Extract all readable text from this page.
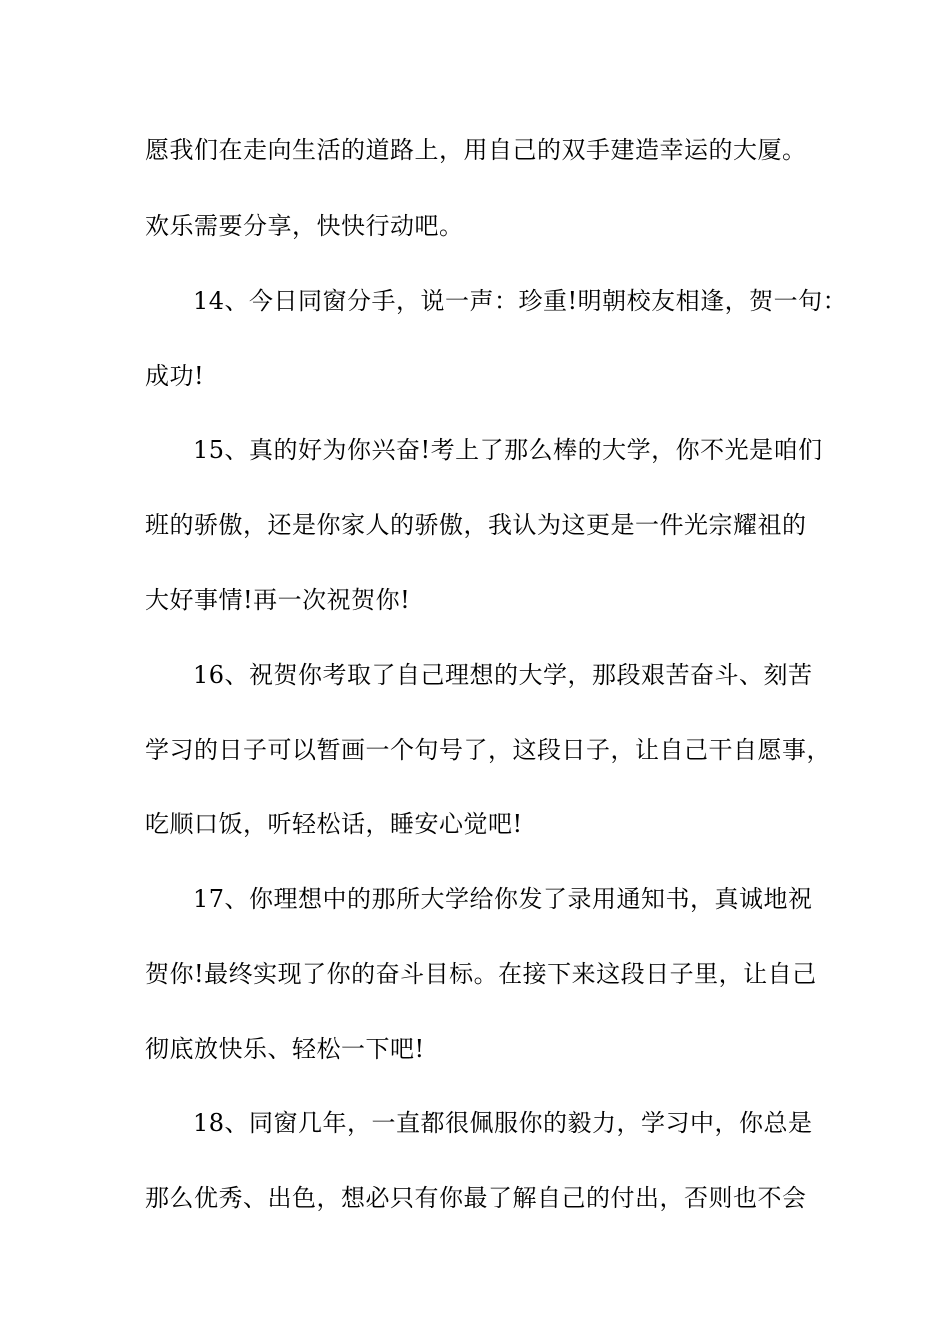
愿我们在走向生活的道路上，用自己的双手建造幸运的大厦。
欢乐需要分享，快快行动吧。
14、今日同窗分手，说一声：珍重!明朝校友相逢，贺一句：
成功!
15、真的好为你兴奋!考上了那么棒的大学，你不光是咱们
班的骄傲，还是你家人的骄傲，我认为这更是一件光宗耀祖的
大好事情!再一次祝贺你!
16、祝贺你考取了自己理想的大学，那段艰苦奋斗、刻苦
学习的日子可以暂画一个句号了，这段日子，让自己干自愿事，
吃顺口饭，听轻松话，睡安心觉吧!
17、你理想中的那所大学给你发了录用通知书，真诚地祝
贺你!最终实现了你的奋斗目标。在接下来这段日子里，让自己
彻底放快乐、轻松一下吧!
18、同窗几年，一直都很佩服你的毅力，学习中，你总是
那么优秀、出色，想必只有你最了解自己的付出，否则也不会
